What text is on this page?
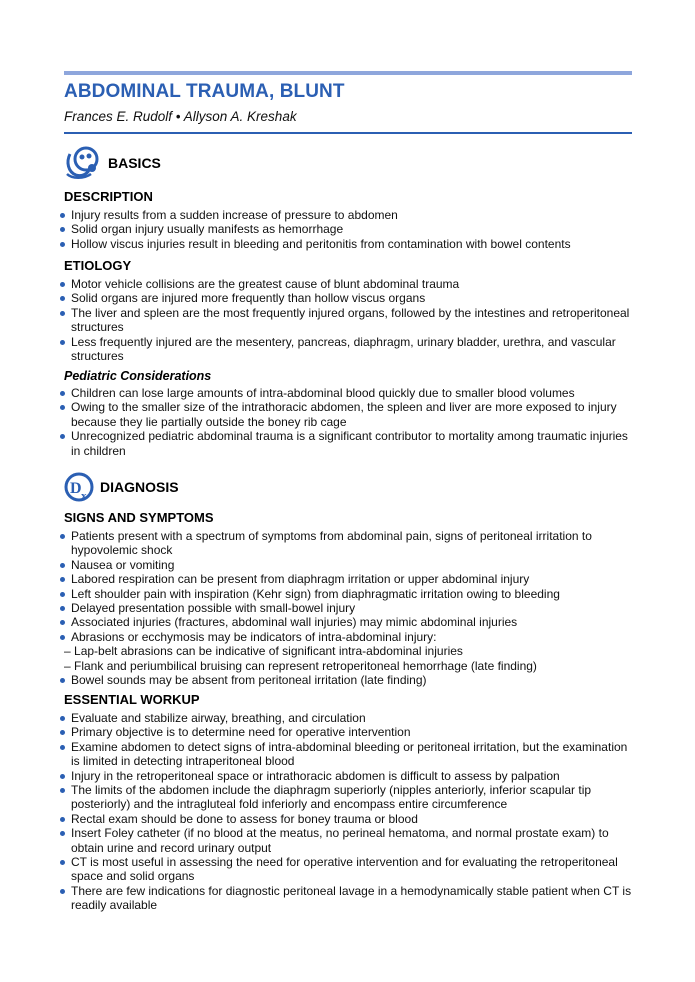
ABDOMINAL TRAUMA, BLUNT
Frances E. Rudolf • Allyson A. Kreshak
BASICS
DESCRIPTION
Injury results from a sudden increase of pressure to abdomen
Solid organ injury usually manifests as hemorrhage
Hollow viscus injuries result in bleeding and peritonitis from contamination with bowel contents
ETIOLOGY
Motor vehicle collisions are the greatest cause of blunt abdominal trauma
Solid organs are injured more frequently than hollow viscus organs
The liver and spleen are the most frequently injured organs, followed by the intestines and retroperitoneal structures
Less frequently injured are the mesentery, pancreas, diaphragm, urinary bladder, urethra, and vascular structures
Pediatric Considerations
Children can lose large amounts of intra-abdominal blood quickly due to smaller blood volumes
Owing to the smaller size of the intrathoracic abdomen, the spleen and liver are more exposed to injury because they lie partially outside the boney rib cage
Unrecognized pediatric abdominal trauma is a significant contributor to mortality among traumatic injuries in children
D x
DIAGNOSIS
SIGNS AND SYMPTOMS
Patients present with a spectrum of symptoms from abdominal pain, signs of peritoneal irritation to hypovolemic shock
Nausea or vomiting
Labored respiration can be present from diaphragm irritation or upper abdominal injury
Left shoulder pain with inspiration (Kehr sign) from diaphragmatic irritation owing to bleeding
Delayed presentation possible with small-bowel injury
Associated injuries (fractures, abdominal wall injuries) may mimic abdominal injuries
Abrasions or ecchymosis may be indicators of intra-abdominal injury:
– Lap-belt abrasions can be indicative of significant intra-abdominal injuries
– Flank and periumbilical bruising can represent retroperitoneal hemorrhage (late finding)
Bowel sounds may be absent from peritoneal irritation (late finding)
ESSENTIAL WORKUP
Evaluate and stabilize airway, breathing, and circulation
Primary objective is to determine need for operative intervention
Examine abdomen to detect signs of intra-abdominal bleeding or peritoneal irritation, but the examination is limited in detecting intraperitoneal blood
Injury in the retroperitoneal space or intrathoracic abdomen is difficult to assess by palpation
The limits of the abdomen include the diaphragm superiorly (nipples anteriorly, inferior scapular tip posteriorly) and the intragluteal fold inferiorly and encompass entire circumference
Rectal exam should be done to assess for boney trauma or blood
Insert Foley catheter (if no blood at the meatus, no perineal hematoma, and normal prostate exam) to obtain urine and record urinary output
CT is most useful in assessing the need for operative intervention and for evaluating the retroperitoneal space and solid organs
There are few indications for diagnostic peritoneal lavage in a hemodynamically stable patient when CT is readily available
